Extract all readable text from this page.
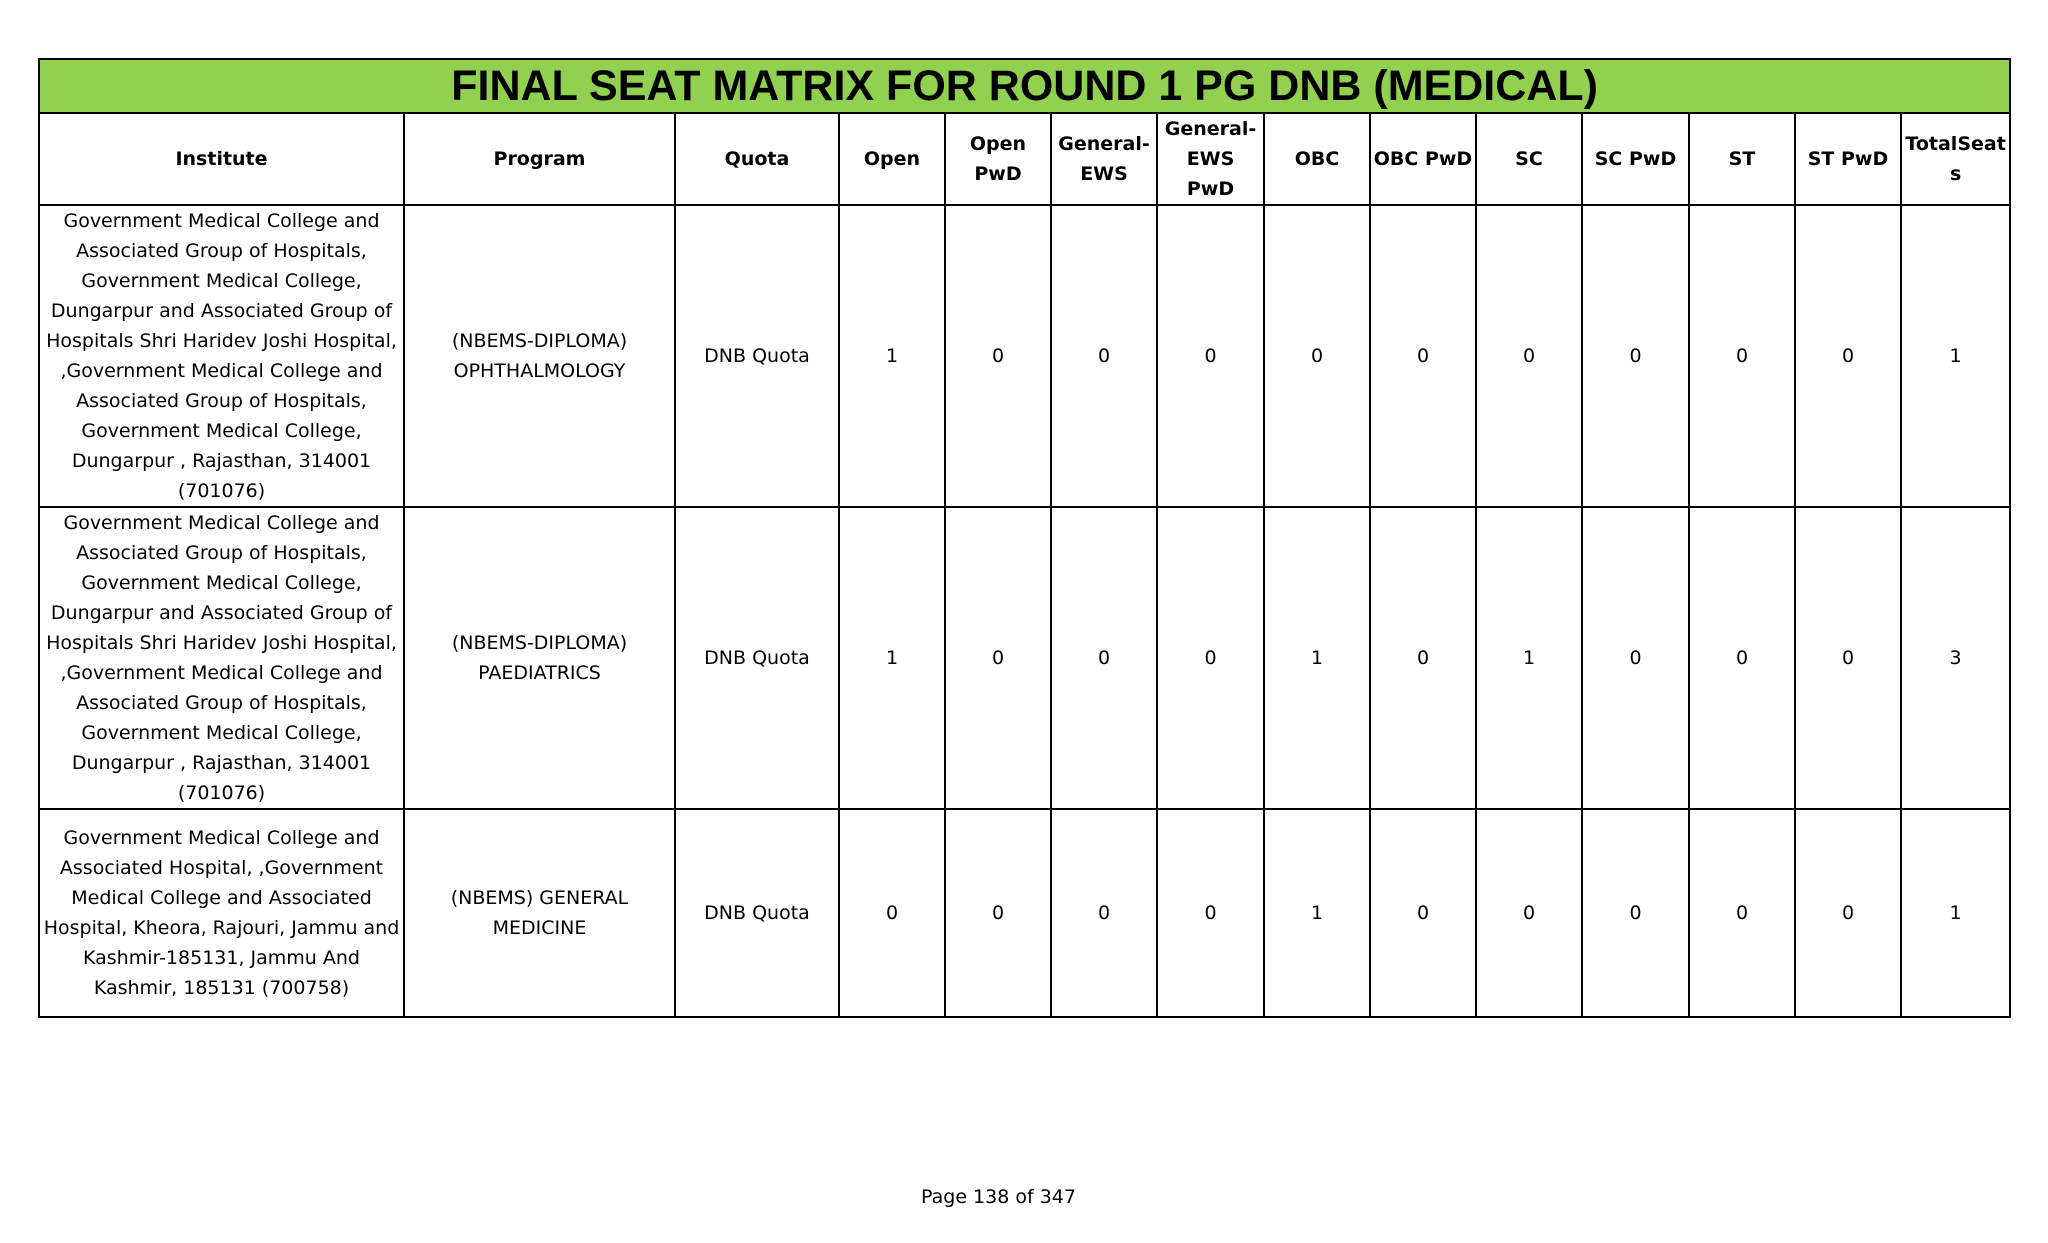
FINAL SEAT MATRIX FOR ROUND 1 PG DNB (MEDICAL)													
Institute	Program	Quota	Open	Open PwD	General-EWS	General-EWS PwD	OBC	OBC PwD	SC	SC PwD	ST	ST PwD	TotalSeats
Government Medical College and Associated Group of Hospitals, Government Medical College, Dungarpur and Associated Group of Hospitals Shri Haridev Joshi Hospital, ,Government Medical College and Associated Group of Hospitals, Government Medical College, Dungarpur , Rajasthan, 314001 (701076)	(NBEMS-DIPLOMA) OPHTHALMOLOGY	DNB Quota	1	0	0	0	0	0	0	0	0	0	1
Government Medical College and Associated Group of Hospitals, Government Medical College, Dungarpur and Associated Group of Hospitals Shri Haridev Joshi Hospital, ,Government Medical College and Associated Group of Hospitals, Government Medical College, Dungarpur , Rajasthan, 314001 (701076)	(NBEMS-DIPLOMA) PAEDIATRICS	DNB Quota	1	0	0	0	1	0	1	0	0	0	3
Government Medical College and Associated Hospital, ,Government Medical College and Associated Hospital, Kheora, Rajouri, Jammu and Kashmir-185131, Jammu And Kashmir, 185131 (700758)	(NBEMS) GENERAL MEDICINE	DNB Quota	0	0	0	0	1	0	0	0	0	0	1
Page 138 of 347
